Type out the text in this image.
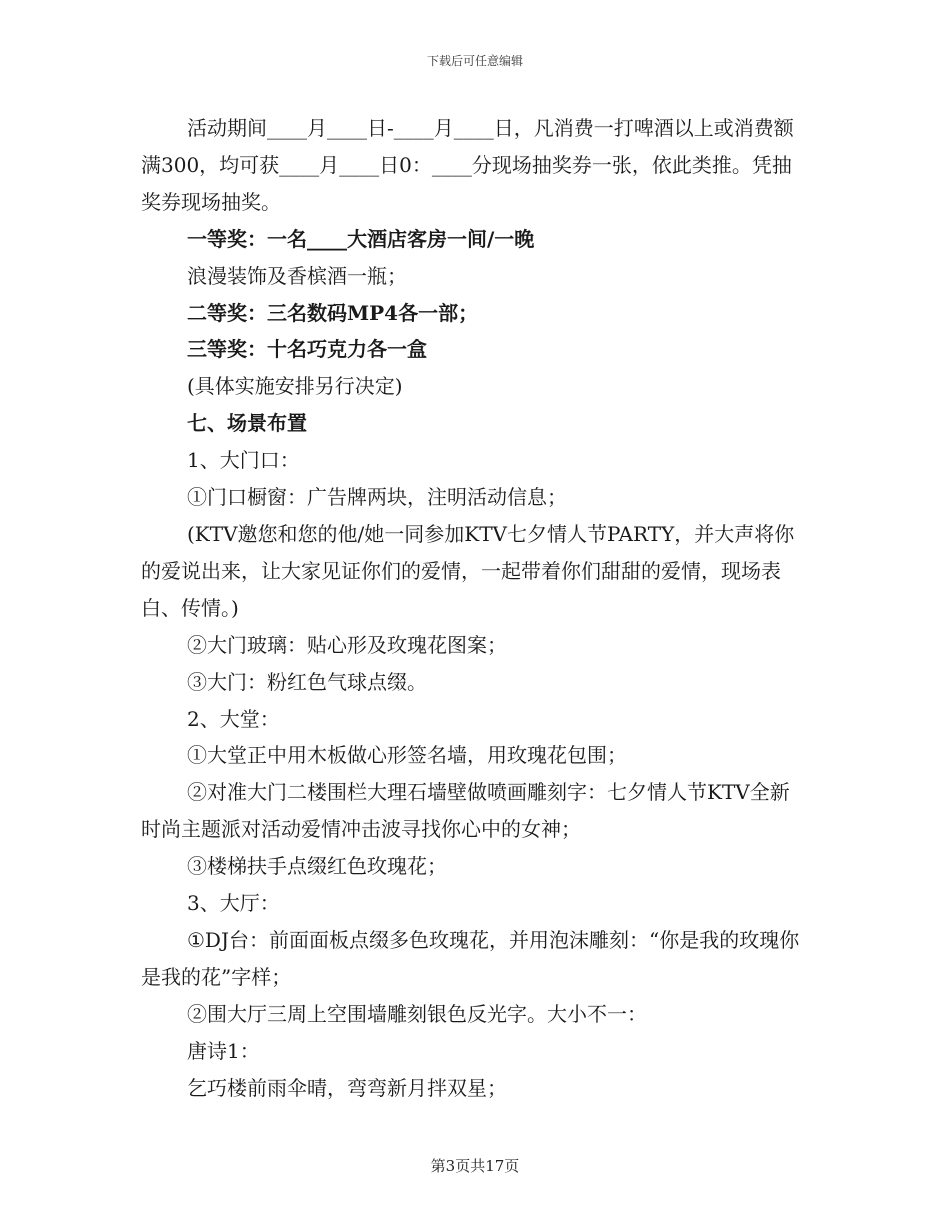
下载后可任意编辑

活动期间____月____日-____月____日，凡消费一打啤酒以上或消费额满300，均可获____月____日0：____分现场抽奖券一张，依此类推。凭抽奖券现场抽奖。

一等奖：一名____大酒店客房一间/一晚

浪漫装饰及香槟酒一瓶；

二等奖：三名数码MP4各一部；

三等奖：十名巧克力各一盒

(具体实施安排另行决定)

七、场景布置

1、大门口：

①门口橱窗：广告牌两块，注明活动信息；

(KTV邀您和您的他/她一同参加KTV七夕情人节PARTY，并大声将你的爱说出来，让大家见证你们的爱情，一起带着你们甜甜的爱情，现场表白、传情。)

②大门玻璃：贴心形及玫瑰花图案；

③大门：粉红色气球点缀。

2、大堂：

①大堂正中用木板做心形签名墙，用玫瑰花包围；

②对准大门二楼围栏大理石墙壁做喷画雕刻字：七夕情人节KTV全新时尚主题派对活动爱情冲击波寻找你心中的女神；

③楼梯扶手点缀红色玫瑰花；

3、大厅：

①DJ台：前面面板点缀多色玫瑰花，并用泡沫雕刻：“你是我的玫瑰你是我的花”字样；

②围大厅三周上空围墙雕刻银色反光字。大小不一：

唐诗1：

乞巧楼前雨伞晴，弯弯新月拌双星；

第3页共17页
